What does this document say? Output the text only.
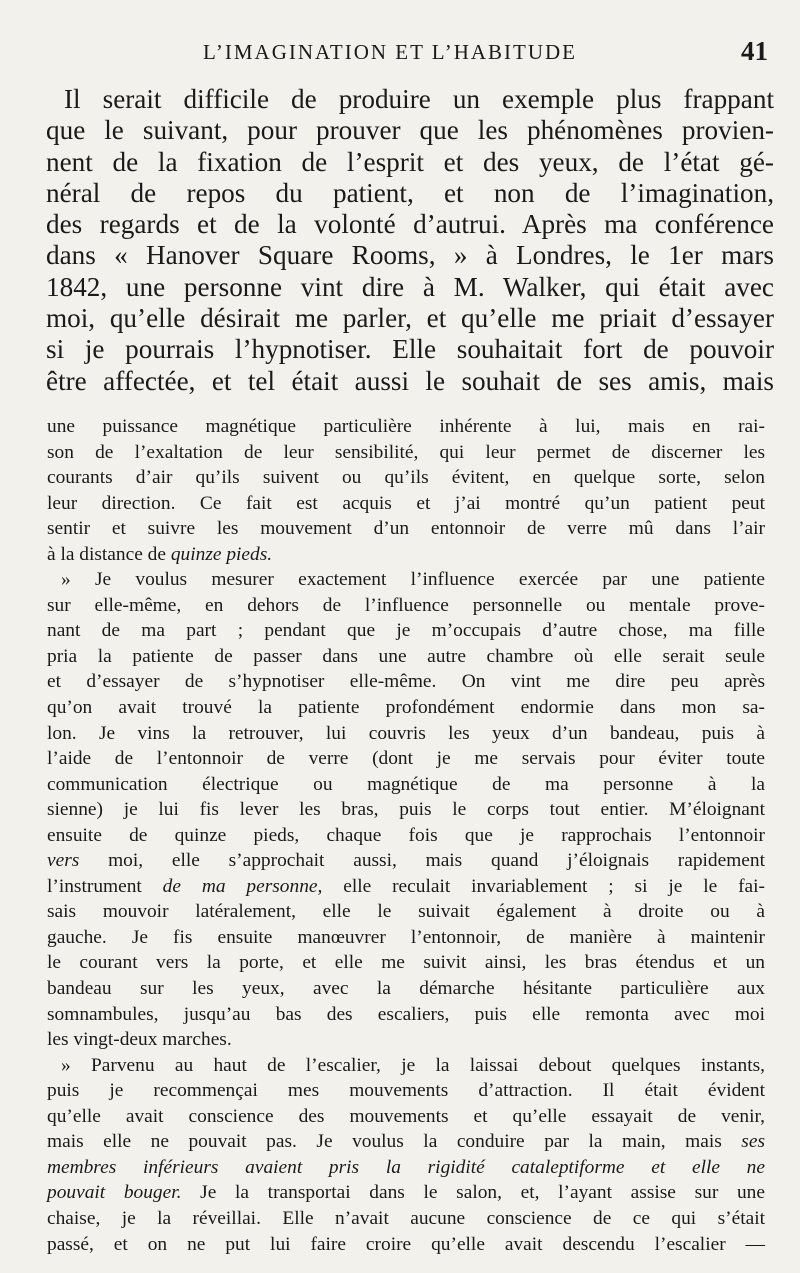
L’IMAGINATION ET L’HABITUDE	41
Il serait difficile de produire un exemple plus frappant
que le suivant, pour prouver que les phénomènes provien-
nent de la fixation de l’esprit et des yeux, de l’état gé-
néral de repos du patient, et non de l’imagination,
des regards et de la volonté d’autrui. Après ma conférence
dans « Hanover Square Rooms, » à Londres, le 1er mars
1842, une personne vint dire à M. Walker, qui était avec
moi, qu’elle désirait me parler, et qu’elle me priait d’essayer
si je pourrais l’hypnotiser. Elle souhaitait fort de pouvoir
être affectée, et tel était aussi le souhait de ses amis, mais
une puissance magnétique particulière inhérente à lui, mais en rai-
son de l’exaltation de leur sensibilité, qui leur permet de discerner les
courants d’air qu’ils suivent ou qu’ils évitent, en quelque sorte, selon
leur direction. Ce fait est acquis et j’ai montré qu’un patient peut
sentir et suivre les mouvement d’un entonnoir de verre mû dans l’air
à la distance de quinze pieds.
» Je voulus mesurer exactement l’influence exercée par une patiente
sur elle-même, en dehors de l’influence personnelle ou mentale prove-
nant de ma part ; pendant que je m’occupais d’autre chose, ma fille
pria la patiente de passer dans une autre chambre où elle serait seule
et d’essayer de s’hypnotiser elle-même. On vint me dire peu après
qu’on avait trouvé la patiente profondément endormie dans mon sa-
lon. Je vins la retrouver, lui couvris les yeux d’un bandeau, puis à
l’aide de l’entonnoir de verre (dont je me servais pour éviter toute
communication électrique ou magnétique de ma personne à la
sienne) je lui fis lever les bras, puis le corps tout entier. M’éloignant
ensuite de quinze pieds, chaque fois que je rapprochais l’entonnoir
vers moi, elle s’approchait aussi, mais quand j’éloignais rapidement
l’instrument de ma personne, elle reculait invariablement ; si je le fai-
sais mouvoir latéralement, elle le suivait également à droite ou à
gauche. Je fis ensuite manœuvrer l’entonnoir, de manière à maintenir
le courant vers la porte, et elle me suivit ainsi, les bras étendus et un
bandeau sur les yeux, avec la démarche hésitante particulière aux
somnambules, jusqu’au bas des escaliers, puis elle remonta avec moi
les vingt-deux marches.
» Parvenu au haut de l’escalier, je la laissai debout quelques instants,
puis je recommençai mes mouvements d’attraction. Il était évident
qu’elle avait conscience des mouvements et qu’elle essayait de venir,
mais elle ne pouvait pas. Je voulus la conduire par la main, mais ses
membres inférieurs avaient pris la rigidité cataleptiforme et elle ne
pouvait bouger. Je la transportai dans le salon, et, l’ayant assise sur une
chaise, je la réveillai. Elle n’avait aucune conscience de ce qui s’était
passé, et on ne put lui faire croire qu’elle avait descendu l’escalier —
